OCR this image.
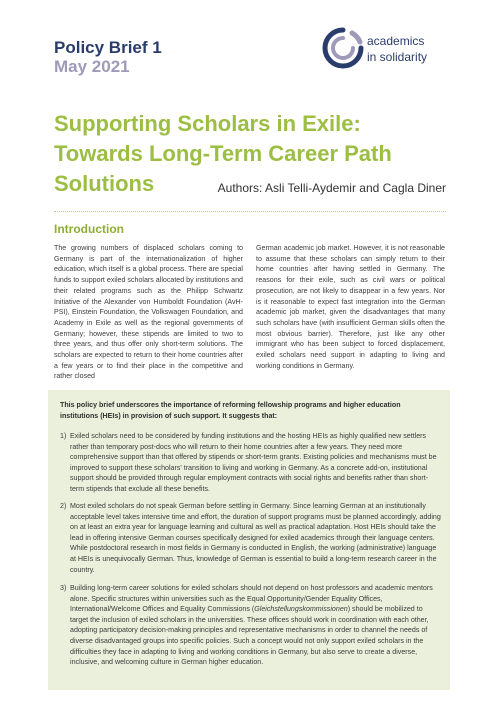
Policy Brief 1
May 2021
academics
in solidarity
Supporting Scholars in Exile:
Towards Long-Term Career Path Solutions	Authors: Asli Telli-Aydemir and Cagla Diner
Introduction

The growing numbers of displaced scholars coming to Germany is part of the internationalization of higher education, which itself is a global process. There are special funds to support exiled scholars allocated by institutions and their related programs such as the Philipp Schwartz Initiative of the Alexander von Humboldt Foundation (AvH-PSI), Einstein Foundation, the Volkswagen Foundation, and Academy in Exile as well as the regional governments of Germany; however, these stipends are limited to two to three years, and thus offer only short-term solutions. The scholars are expected to return to their home countries after a few years or to find their place in the competitive and rather closed

German academic job market. However, it is not reasonable to assume that these scholars can simply return to their home countries after having settled in Germany. The reasons for their exile, such as civil wars or political prosecution, are not likely to disappear in a few years. Nor is it reasonable to expect fast integration into the German academic job market, given the disadvantages that many such scholars have (with insufficient German skills often the most obvious barrier). Therefore, just like any other immigrant who has been subject to forced displacement, exiled scholars need support in adapting to living and working conditions in Germany.

This policy brief underscores the importance of reforming fellowship programs and higher education institutions (HEIs) in provision of such support. It suggests that:

1) Exiled scholars need to be considered by funding institutions and the hosting HEIs as highly qualified new settlers rather than temporary post-docs who will return to their home countries after a few years. They need more comprehensive support than that offered by stipends or short-term grants. Existing policies and mechanisms must be improved to support these scholars' transition to living and working in Germany. As a concrete add-on, institutional support should be provided through regular employment contracts with social rights and benefits rather than short-term stipends that exclude all these benefits.
2) Most exiled scholars do not speak German before settling in Germany. Since learning German at an institutionally acceptable level takes intensive time and effort, the duration of support programs must be planned accordingly, adding on at least an extra year for language learning and cultural as well as practical adaptation. Host HEIs should take the lead in offering intensive German courses specifically designed for exiled academics through their language centers. While postdoctoral research in most fields in Germany is conducted in English, the working (administrative) language at HEIs is unequivocally German. Thus, knowledge of German is essential to build a long-term research career in the country.
3) Building long-term career solutions for exiled scholars should not depend on host professors and academic mentors alone. Specific structures within universities such as the Equal Opportunity/Gender Equality Offices, International/Welcome Offices and Equality Commissions (Gleichstellungskommissionen) should be mobilized to target the inclusion of exiled scholars in the universities. These offices should work in coordination with each other, adopting participatory decision-making principles and representative mechanisms in order to channel the needs of diverse disadvantaged groups into specific policies. Such a concept would not only support exiled scholars in the difficulties they face in adapting to living and working conditions in Germany, but also serve to create a diverse, inclusive, and welcoming culture in German higher education.
